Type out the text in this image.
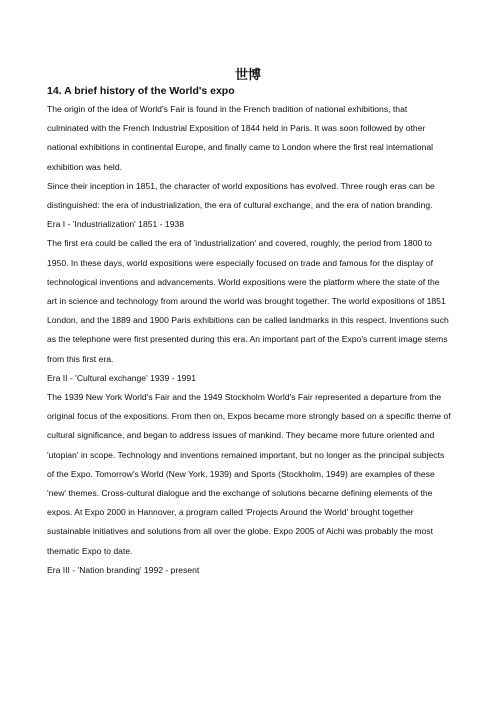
世博
14. A brief history of the World's expo

The origin of the idea of World's Fair is found in the French tradition of national exhibitions, that culminated with the French Industrial Exposition of 1844 held in Paris. It was soon followed by other national exhibitions in continental Europe, and finally came to London where the first real international exhibition was held.

Since their inception in 1851, the character of world expositions has evolved. Three rough eras can be distinguished: the era of industrialization, the era of cultural exchange, and the era of nation branding.

Era I - 'Industrialization' 1851 - 1938

The first era could be called the era of 'industrialization' and covered, roughly, the period from 1800 to 1950. In these days, world expositions were especially focused on trade and famous for the display of technological inventions and advancements. World expositions were the platform where the state of the art in science and technology from around the world was brought together. The world expositions of 1851 London, and the 1889 and 1900 Paris exhibitions can be called landmarks in this respect. Inventions such as the telephone were first presented during this era. An important part of the Expo's current image stems from this first era.

Era II - 'Cultural exchange' 1939 - 1991

The 1939 New York World's Fair and the 1949 Stockholm World's Fair represented a departure from the original focus of the expositions. From then on, Expos became more strongly based on a specific theme of cultural significance, and began to address issues of mankind. They became more future oriented and 'utopian' in scope. Technology and inventions remained important, but no longer as the principal subjects of the Expo. Tomorrow's World (New York, 1939) and Sports (Stockholm, 1949) are examples of these 'new' themes. Cross-cultural dialogue and the exchange of solutions became defining elements of the expos. At Expo 2000 in Hannover, a program called 'Projects Around the World' brought together sustainable initiatives and solutions from all over the globe. Expo 2005 of Aichi was probably the most thematic Expo to date.

Era III - 'Nation branding' 1992 - present
